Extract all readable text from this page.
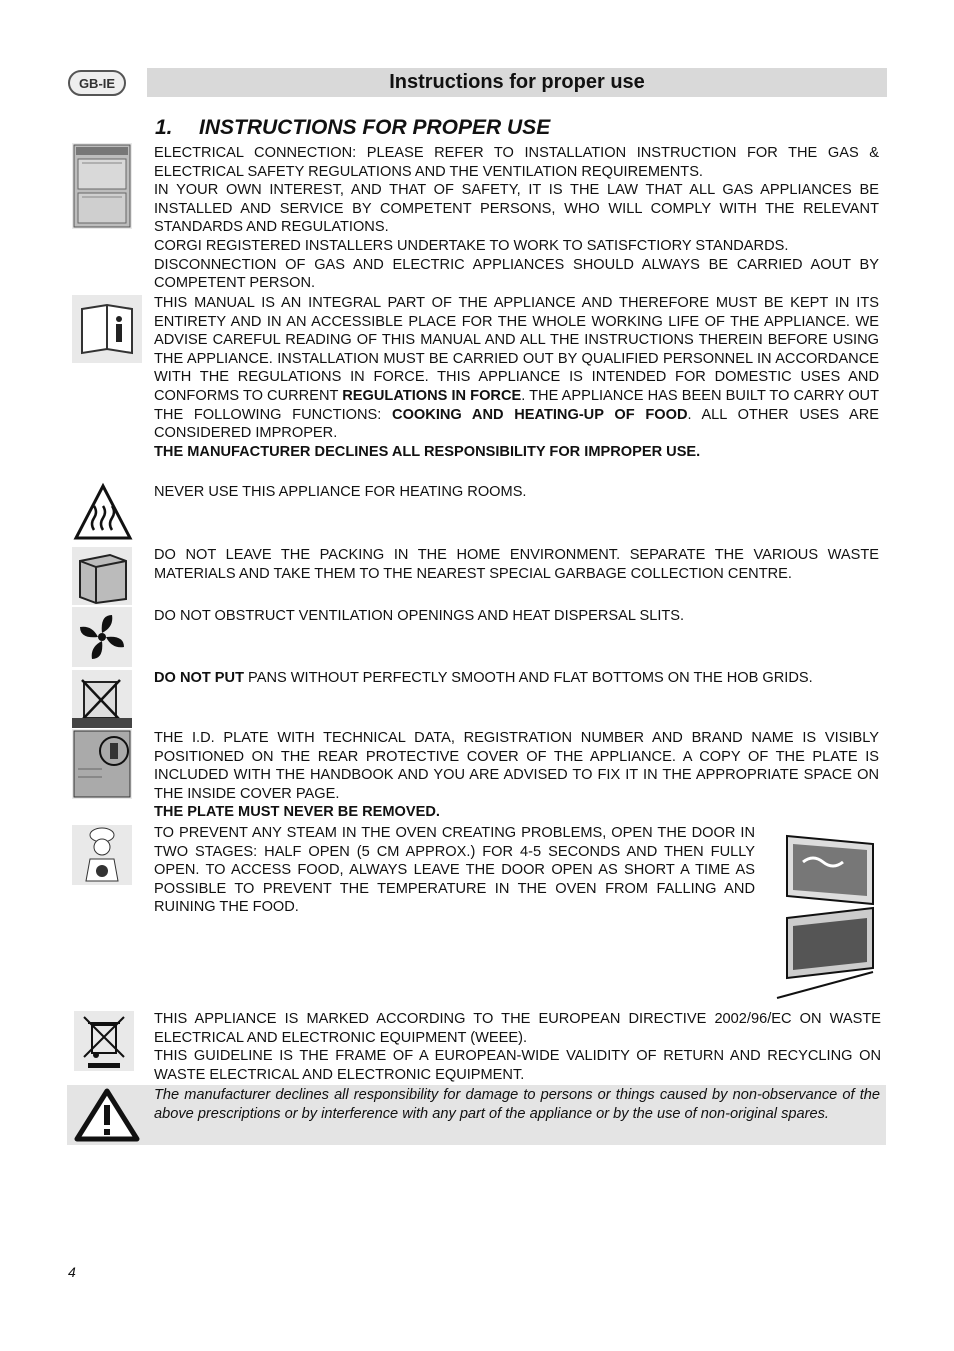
GB-IE	Instructions for proper use
1. INSTRUCTIONS FOR PROPER USE

ELECTRICAL CONNECTION: PLEASE REFER TO INSTALLATION INSTRUCTION FOR THE GAS & ELECTRICAL SAFETY REGULATIONS AND THE VENTILATION REQUIREMENTS.

IN YOUR OWN INTEREST, AND THAT OF SAFETY, IT IS THE LAW THAT ALL GAS APPLIANCES BE INSTALLED AND SERVICE BY COMPETENT PERSONS, WHO WILL COMPLY WITH THE RELEVANT STANDARDS AND REGULATIONS.

CORGI REGISTERED INSTALLERS UNDERTAKE TO WORK TO SATISFCTIORY STANDARDS.

DISCONNECTION OF GAS AND ELECTRIC APPLIANCES SHOULD ALWAYS BE CARRIED AOUT BY COMPETENT PERSON.

THIS MANUAL IS AN INTEGRAL PART OF THE APPLIANCE AND THEREFORE MUST BE KEPT IN ITS ENTIRETY AND IN AN ACCESSIBLE PLACE FOR THE WHOLE WORKING LIFE OF THE APPLIANCE. WE ADVISE CAREFUL READING OF THIS MANUAL AND ALL THE INSTRUCTIONS THEREIN BEFORE USING THE APPLIANCE. INSTALLATION MUST BE CARRIED OUT BY QUALIFIED PERSONNEL IN ACCORDANCE WITH THE REGULATIONS IN FORCE. THIS APPLIANCE IS INTENDED FOR DOMESTIC USES AND CONFORMS TO CURRENT REGULATIONS IN FORCE. THE APPLIANCE HAS BEEN BUILT TO CARRY OUT THE FOLLOWING FUNCTIONS: COOKING AND HEATING-UP OF FOOD. ALL OTHER USES ARE CONSIDERED IMPROPER.

THE MANUFACTURER DECLINES ALL RESPONSIBILITY FOR IMPROPER USE.

NEVER USE THIS APPLIANCE FOR HEATING ROOMS.
DO NOT LEAVE THE PACKING IN THE HOME ENVIRONMENT. SEPARATE THE VARIOUS WASTE MATERIALS AND TAKE THEM TO THE NEAREST SPECIAL GARBAGE COLLECTION CENTRE.
DO NOT OBSTRUCT VENTILATION OPENINGS AND HEAT DISPERSAL SLITS.
DO NOT PUT PANS WITHOUT PERFECTLY SMOOTH AND FLAT BOTTOMS ON THE HOB GRIDS.

THE I.D. PLATE WITH TECHNICAL DATA, REGISTRATION NUMBER AND BRAND NAME IS VISIBLY POSITIONED ON THE REAR PROTECTIVE COVER OF THE APPLIANCE. A COPY OF THE PLATE IS INCLUDED WITH THE HANDBOOK AND YOU ARE ADVISED TO FIX IT IN THE APPROPRIATE SPACE ON THE INSIDE COVER PAGE.

THE PLATE MUST NEVER BE REMOVED.

TO PREVENT ANY STEAM IN THE OVEN CREATING PROBLEMS, OPEN THE DOOR IN TWO STAGES: HALF OPEN (5 CM APPROX.) FOR 4-5 SECONDS AND THEN FULLY OPEN. TO ACCESS FOOD, ALWAYS LEAVE THE DOOR OPEN AS SHORT A TIME AS POSSIBLE TO PREVENT THE TEMPERATURE IN THE OVEN FROM FALLING AND RUINING THE FOOD.

THIS APPLIANCE IS MARKED ACCORDING TO THE EUROPEAN DIRECTIVE 2002/96/EC ON WASTE ELECTRICAL AND ELECTRONIC EQUIPMENT (WEEE).

THIS GUIDELINE IS THE FRAME OF A EUROPEAN-WIDE VALIDITY OF RETURN AND RECYCLING ON WASTE ELECTRICAL AND ELECTRONIC EQUIPMENT.

The manufacturer declines all responsibility for damage to persons or things caused by non-observance of the above prescriptions or by interference with any part of the appliance or by the use of non-original spares.
4
